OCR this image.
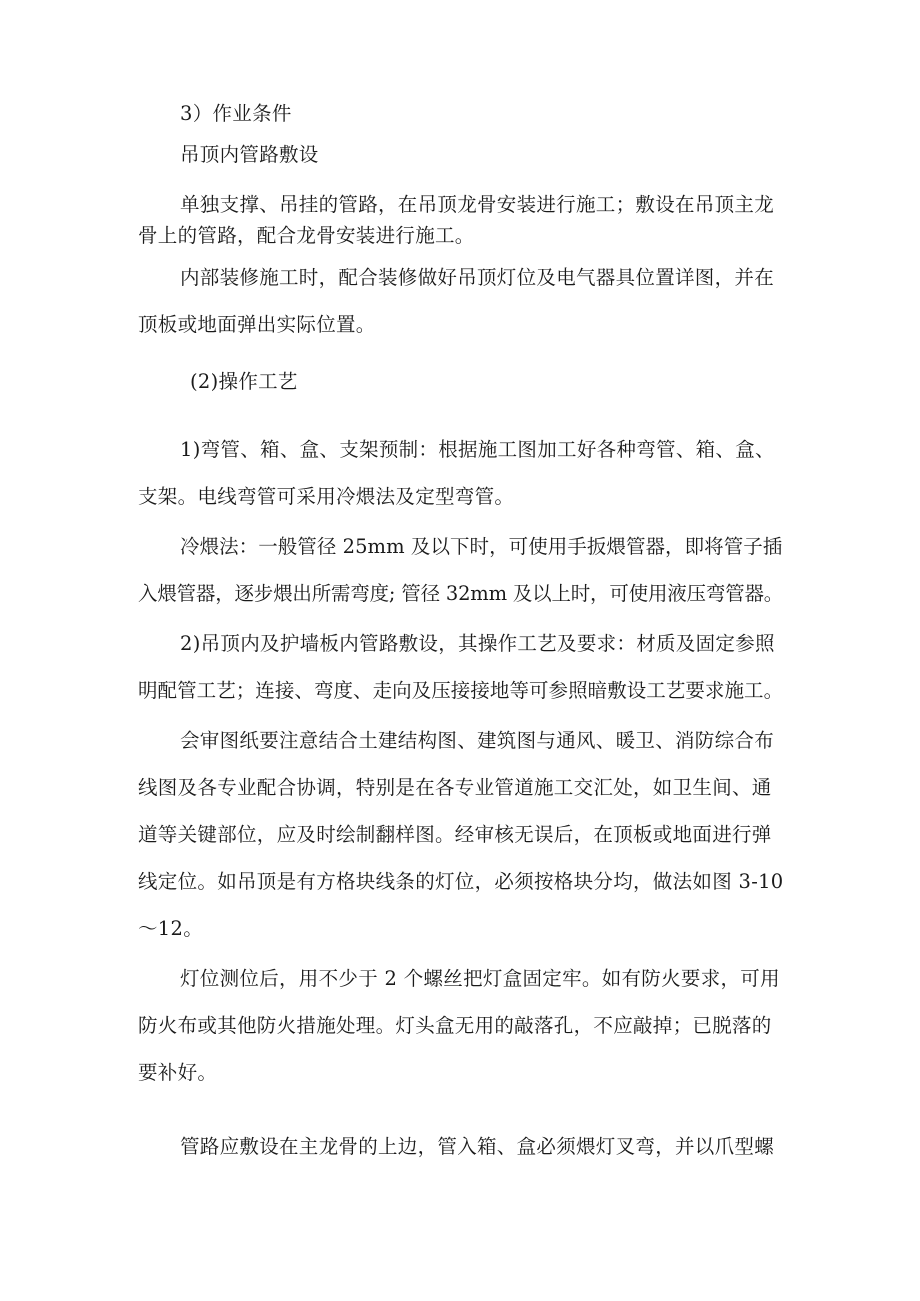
3）作业条件
吊顶内管路敷设
单独支撑、吊挂的管路，在吊顶龙骨安装进行施工；敷设在吊顶主龙
骨上的管路，配合龙骨安装进行施工。
内部装修施工时，配合装修做好吊顶灯位及电气器具位置详图，并在
顶板或地面弹出实际位置。
(2)操作工艺
1)弯管、箱、盒、支架预制：根据施工图加工好各种弯管、箱、盒、
支架。电线弯管可采用冷煨法及定型弯管。
冷煨法：一般管径 25mm 及以下时，可使用手扳煨管器，即将管子插
入煨管器，逐步煨出所需弯度; 管径 32mm 及以上时，可使用液压弯管器。
2)吊顶内及护墙板内管路敷设，其操作工艺及要求：材质及固定参照
明配管工艺；连接、弯度、走向及压接接地等可参照暗敷设工艺要求施工。
会审图纸要注意结合土建结构图、建筑图与通风、暖卫、消防综合布
线图及各专业配合协调，特别是在各专业管道施工交汇处，如卫生间、通
道等关键部位，应及时绘制翻样图。经审核无误后，在顶板或地面进行弹
线定位。如吊顶是有方格块线条的灯位，必须按格块分均，做法如图 3-10
～12。
灯位测位后，用不少于 2 个螺丝把灯盒固定牢。如有防火要求，可用
防火布或其他防火措施处理。灯头盒无用的敲落孔，不应敲掉；已脱落的
要补好。
管路应敷设在主龙骨的上边，管入箱、盒必须煨灯叉弯，并以爪型螺
